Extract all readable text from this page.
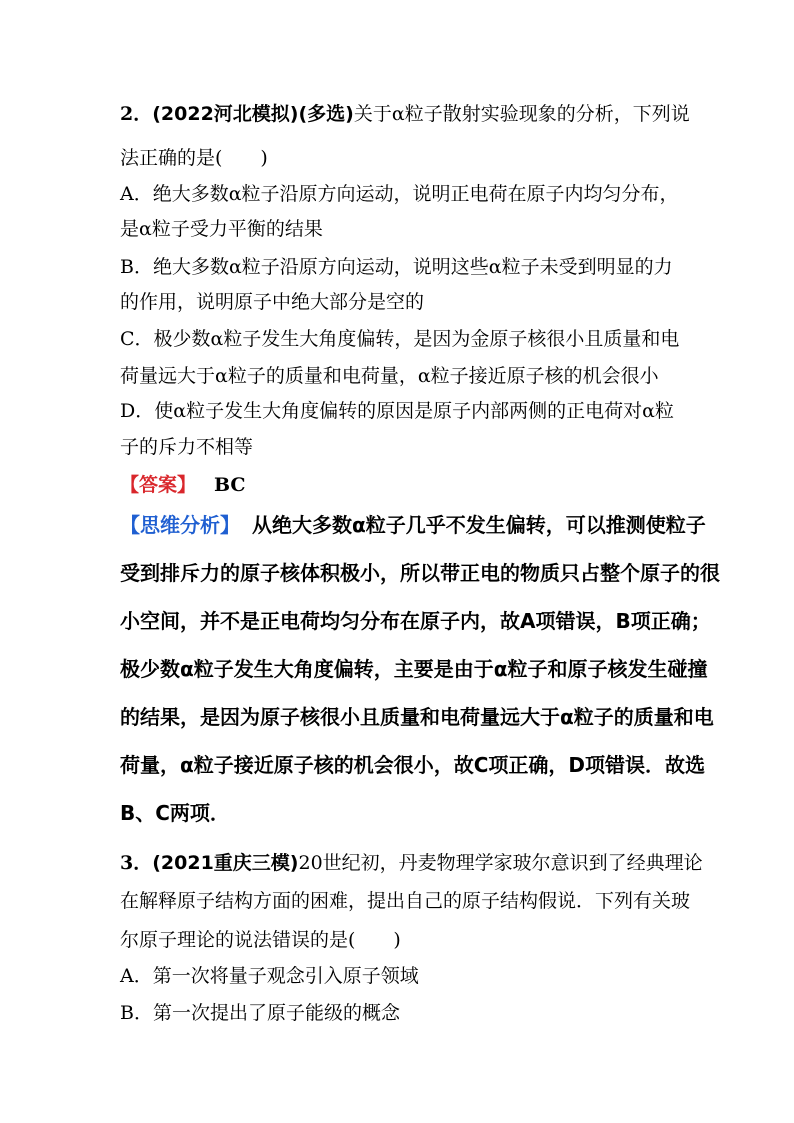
2．(2022河北模拟)(多选)关于α粒子散射实验现象的分析，下列说
法正确的是(　　)
A．绝大多数α粒子沿原方向运动，说明正电荷在原子内均匀分布，
是α粒子受力平衡的结果
B．绝大多数α粒子沿原方向运动，说明这些α粒子未受到明显的力
的作用，说明原子中绝大部分是空的
C．极少数α粒子发生大角度偏转，是因为金原子核很小且质量和电
荷量远大于α粒子的质量和电荷量，α粒子接近原子核的机会很小
D．使α粒子发生大角度偏转的原因是原子内部两侧的正电荷对α粒
子的斥力不相等
【答案】 BC
【思维分析】 从绝大多数α粒子几乎不发生偏转，可以推测使粒子
受到排斥力的原子核体积极小，所以带正电的物质只占整个原子的很
小空间，并不是正电荷均匀分布在原子内，故A项错误，B项正确；
极少数α粒子发生大角度偏转，主要是由于α粒子和原子核发生碰撞
的结果，是因为原子核很小且质量和电荷量远大于α粒子的质量和电
荷量，α粒子接近原子核的机会很小，故C项正确，D项错误．故选
B、C两项．
3．(2021重庆三模)20世纪初，丹麦物理学家玻尔意识到了经典理论
在解释原子结构方面的困难，提出自己的原子结构假说．下列有关玻
尔原子理论的说法错误的是(　　)
A．第一次将量子观念引入原子领域
B．第一次提出了原子能级的概念
